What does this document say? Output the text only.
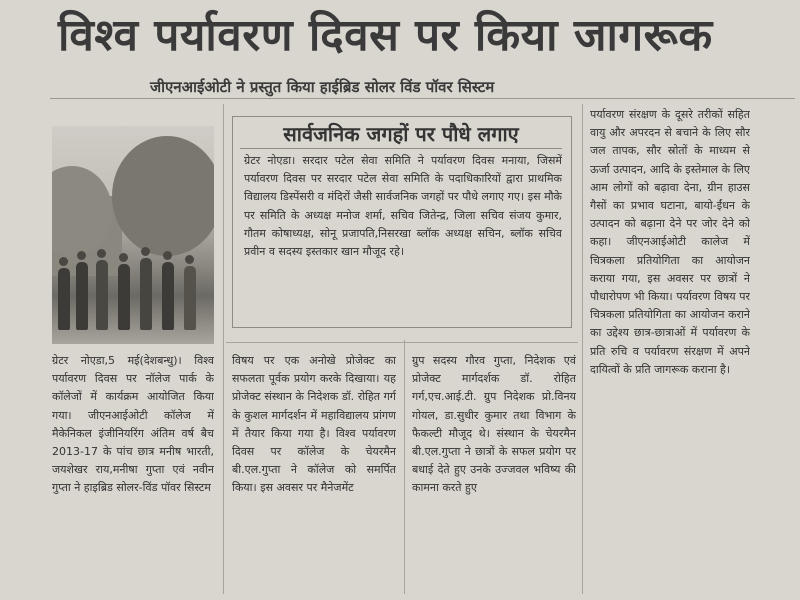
विश्व पर्यावरण दिवस पर किया जागरूक
जीएनआईओटी ने प्रस्तुत किया हाईब्रिड सोलर विंड पॉवर सिस्टम
सार्वजनिक जगहों पर पौधे लगाए
ग्रेटर नोएडा। सरदार पटेल सेवा समिति ने पर्यावरण दिवस मनाया, जिसमें पर्यावरण दिवस पर सरदार पटेल सेवा समिति के पदाधिकारियों द्वारा प्राथमिक विद्यालय डिस्पेंसरी व मंदिरों जैसी सार्वजनिक जगहों पर पौधे लगाए गए। इस मौके पर समिति के अध्यक्ष मनोज शर्मा, सचिव जितेन्द्र, जिला सचिव संजय कुमार, गौतम कोषाध्यक्ष, सोनू प्रजापति,निसरखा ब्लॉक अध्यक्ष सचिन, ब्लॉक सचिव प्रवीन व सदस्य इस्तकार खान मौजूद रहे।
ग्रेटर नोएडा,5 मई(देशबन्धु)। विश्व पर्यावरण दिवस पर नॉलेज पार्क के कॉलेजों में कार्यक्रम आयोजित किया गया। जीएनआईओटी कॉलेज में मैकेनिकल इंजीनियरिंग अंतिम वर्ष बैच 2013-17 के पांच छात्र मनीष भारती, जयशेखर राय,मनीषा गुप्ता एवं नवीन गुप्ता ने हाइब्रिड सोलर-विंड पॉवर सिस्टम
विषय पर एक अनोखे प्रोजेक्ट का सफलता पूर्वक प्रयोग करके दिखाया। यह प्रोजेक्ट संस्थान के निदेशक डॉ. रोहित गर्ग के कुशल मार्गदर्शन में महाविद्यालय प्रांगण में तैयार किया गया है। विश्व पर्यावरण दिवस पर कॉलेज के चेयरमैन बी.एल.गुप्ता ने कॉलेज को समर्पित किया। इस अवसर पर मैनेजमेंट
ग्रुप सदस्य गौरव गुप्ता, निदेशक एवं प्रोजेक्ट मार्गदर्शक डॉ. रोहित गर्ग,एच.आई.टी. ग्रुप निदेशक प्रो.विनय गोयल, डा.सुधीर कुमार तथा विभाग के फैकल्टी मौजूद थे। संस्थान के चेयरमैन बी.एल.गुप्ता ने छात्रों के सफल प्रयोग पर बधाई देते हुए उनके उज्जवल भविष्य की कामना करते हुए
पर्यावरण संरक्षण के दूसरे तरीकों सहित वायु और अपरदन से बचाने के लिए सौर जल तापक, सौर स्रोतों के माध्यम से ऊर्जा उत्पादन, आदि के इस्तेमाल के लिए आम लोगों को बढ़ावा देना, ग्रीन हाउस गैसों का प्रभाव घटाना, बायो-ईंधन के उत्पादन को बढ़ाना देने पर जोर देने को कहा। जीएनआईओटी कालेज में चित्रकला प्रतियोगिता का आयोजन कराया गया, इस अवसर पर छात्रों ने पौधारोपण भी किया। पर्यावरण विषय पर चित्रकला प्रतियोगिता का आयोजन कराने का उद्देश्य छात्र-छात्राओं में पर्यावरण के प्रति रुचि व पर्यावरण संरक्षण में अपने दायित्वों के प्रति जागरूक कराना है।
